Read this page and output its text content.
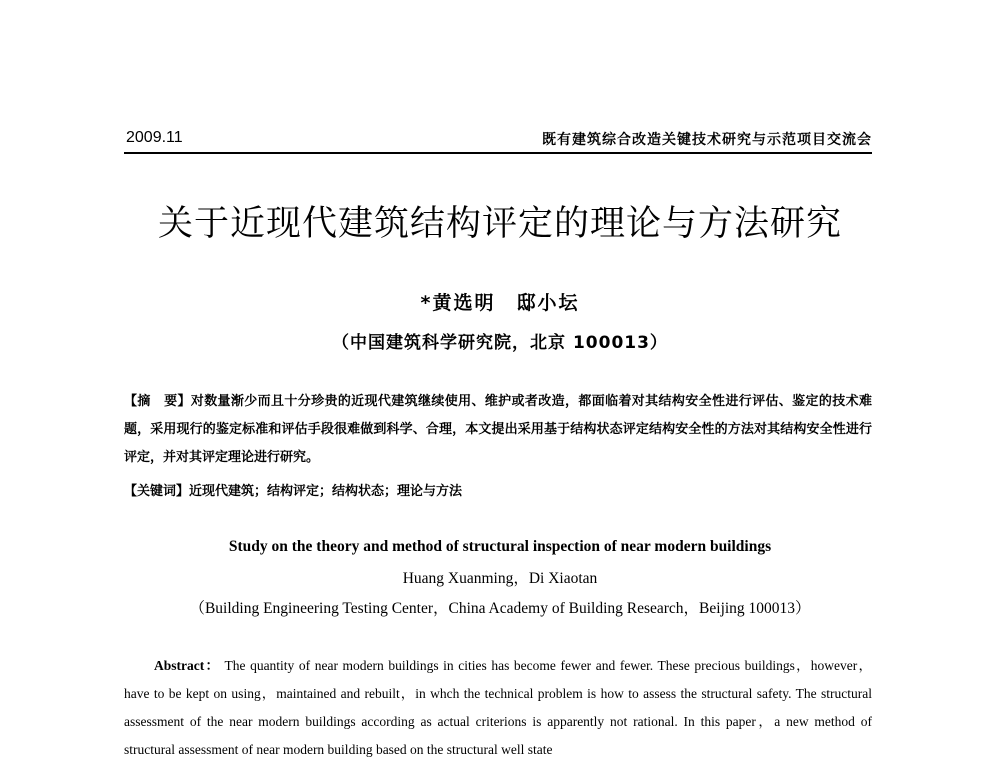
2009.11	既有建筑综合改造关键技术研究与示范项目交流会
关于近现代建筑结构评定的理论与方法研究
*黄选明　邸小坛
（中国建筑科学研究院，北京 100013）
【摘　要】对数量渐少而且十分珍贵的近现代建筑继续使用、维护或者改造，都面临着对其结构安全性进行评估、鉴定的技术难题，采用现行的鉴定标准和评估手段很难做到科学、合理，本文提出采用基于结构状态评定结构安全性的方法对其结构安全性进行评定，并对其评定理论进行研究。
【关键词】近现代建筑；结构评定；结构状态；理论与方法
Study on the theory and method of structural inspection of near modern buildings
Huang Xuanming，Di Xiaotan
（Building Engineering Testing Center，China Academy of Building Research，Beijing 100013）
Abstract： The quantity of near modern buildings in cities has become fewer and fewer. These precious buildings，however，have to be kept on using，maintained and rebuilt，in whch the technical problem is how to assess the structural safety. The structural assessment of the near modern buildings according as actual criterions is apparently not rational. In this paper，a new method of structural assessment of near modern building based on the structural well state
